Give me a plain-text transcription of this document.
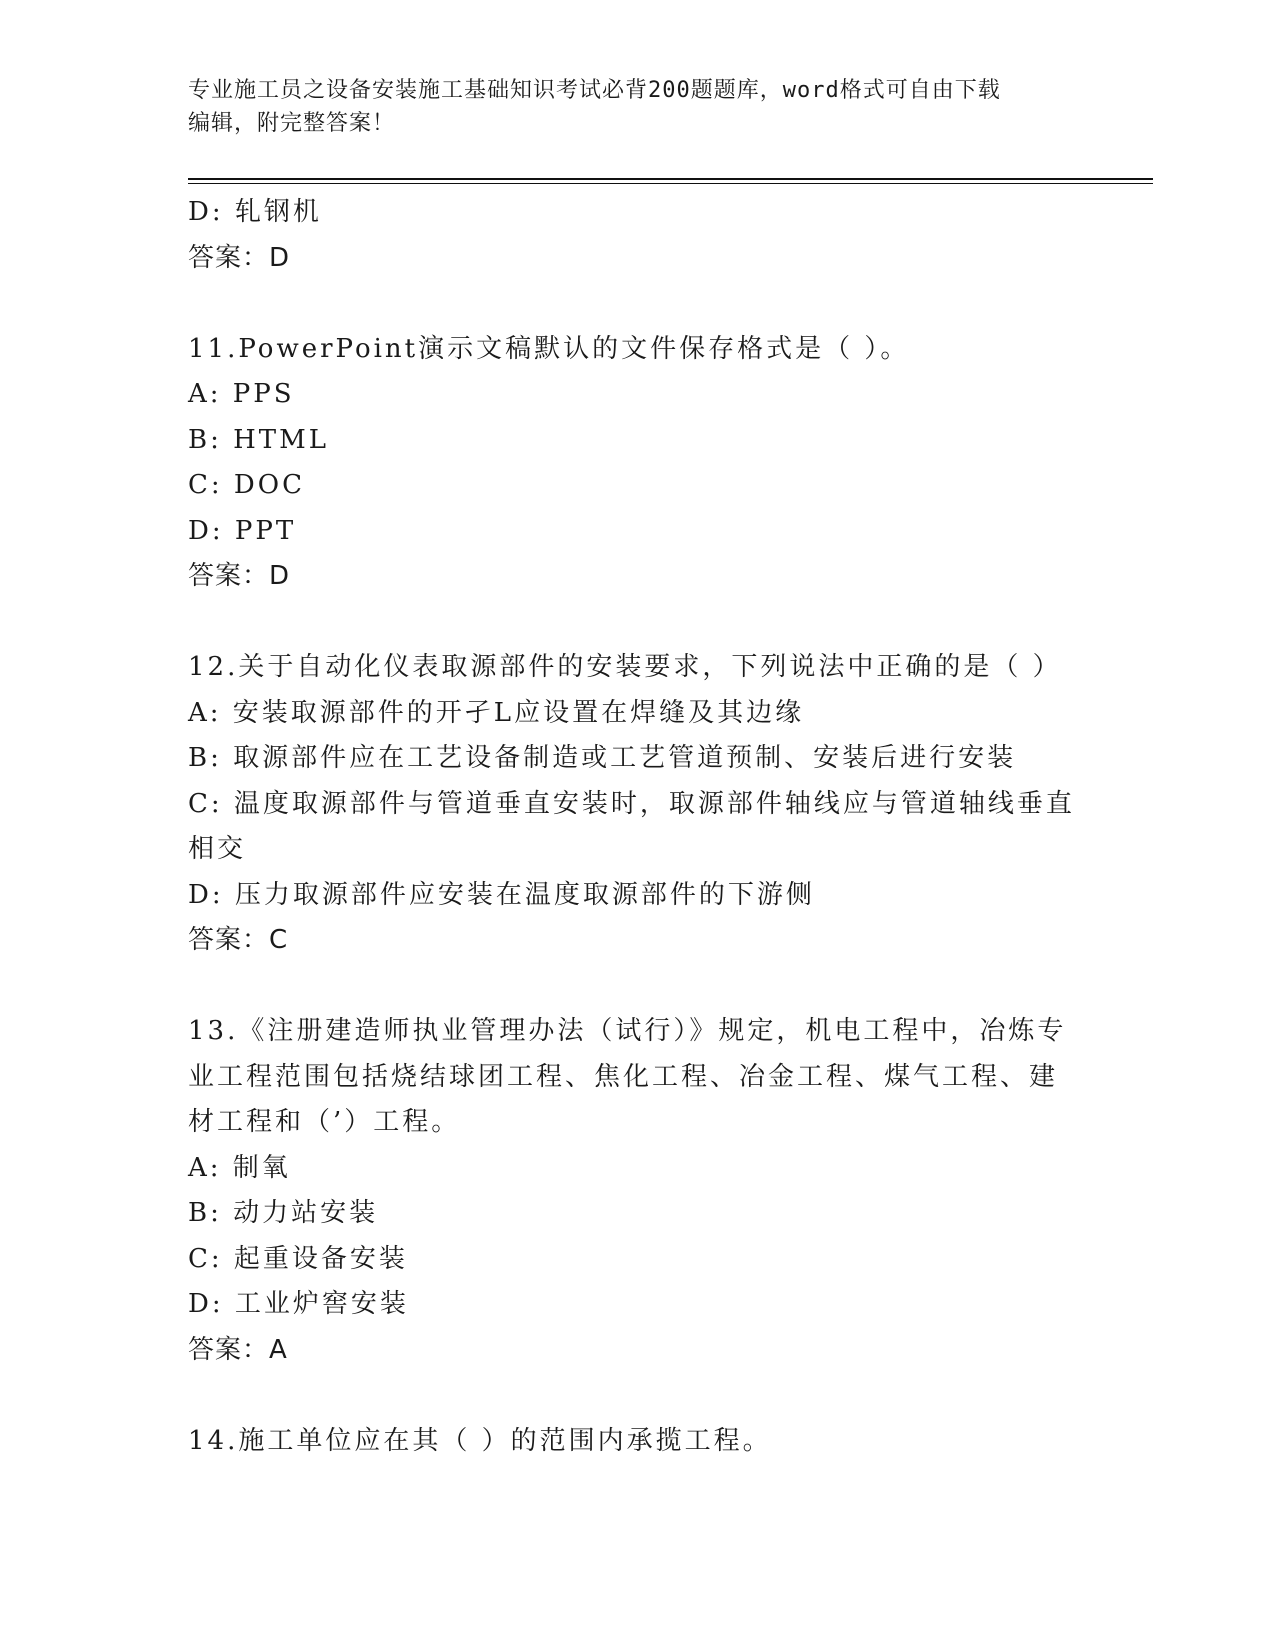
专业施工员之设备安装施工基础知识考试必背200题题库，word格式可自由下载
编辑，附完整答案！
D: 轧钢机
答案：D
11.PowerPoint演示文稿默认的文件保存格式是（ ）。
A: PPS
B: HTML
C: DOC
D: PPT
答案：D
12.关于自动化仪表取源部件的安装要求，下列说法中正确的是（ ）
A: 安装取源部件的开孑L应设置在焊缝及其边缘
B: 取源部件应在工艺设备制造或工艺管道预制、安装后进行安装
C: 温度取源部件与管道垂直安装时，取源部件轴线应与管道轴线垂直
相交
D: 压力取源部件应安装在温度取源部件的下游侧
答案：C
13.《注册建造师执业管理办法（试行）》规定，机电工程中，冶炼专
业工程范围包括烧结球团工程、焦化工程、冶金工程、煤气工程、建
材工程和（’）工程。
A: 制氧
B: 动力站安装
C: 起重设备安装
D: 工业炉窖安装
答案：A
14.施工单位应在其（ ）的范围内承揽工程。
